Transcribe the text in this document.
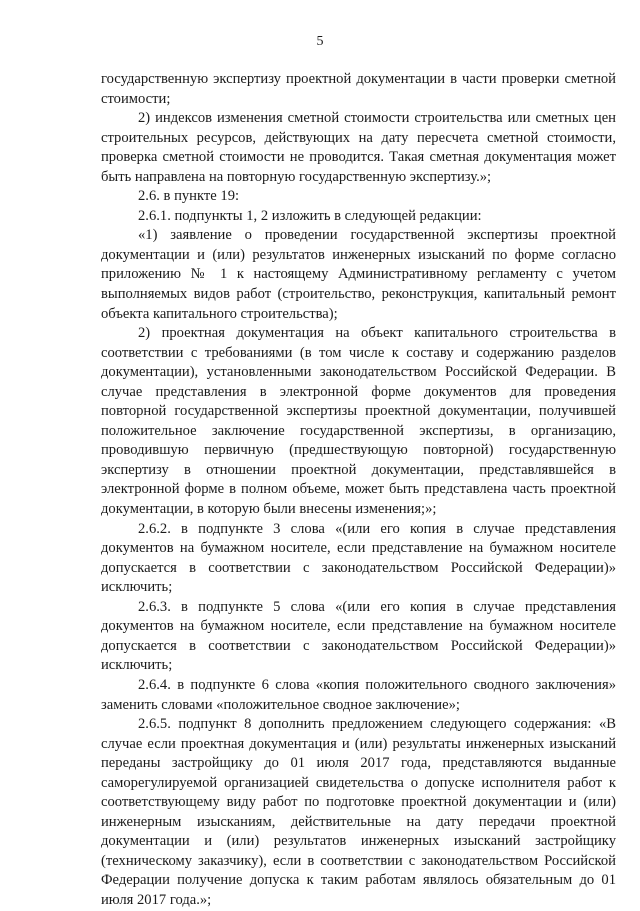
5

государственную экспертизу проектной документации в части проверки сметной стоимости;

2) индексов изменения сметной стоимости строительства или сметных цен строительных ресурсов, действующих на дату пересчета сметной стоимости, проверка сметной стоимости не проводится. Такая сметная документация может быть направлена на повторную государственную экспертизу.»;

2.6. в пункте 19:

2.6.1. подпункты 1, 2 изложить в следующей редакции:

«1) заявление о проведении государственной экспертизы проектной документации и (или) результатов инженерных изысканий по форме согласно приложению № 1 к настоящему Административному регламенту с учетом выполняемых видов работ (строительство, реконструкция, капитальный ремонт объекта капитального строительства);

2) проектная документация на объект капитального строительства в соответствии с требованиями (в том числе к составу и содержанию разделов документации), установленными законодательством Российской Федерации. В случае представления в электронной форме документов для проведения повторной государственной экспертизы проектной документации, получившей положительное заключение государственной экспертизы, в организацию, проводившую первичную (предшествующую повторной) государственную экспертизу в отношении проектной документации, представлявшейся в электронной форме в полном объеме, может быть представлена часть проектной документации, в которую были внесены изменения;»;

2.6.2. в подпункте 3 слова «(или его копия в случае представления документов на бумажном носителе, если представление на бумажном носителе допускается в соответствии с законодательством Российской Федерации)» исключить;

2.6.3. в подпункте 5 слова «(или его копия в случае представления документов на бумажном носителе, если представление на бумажном носителе допускается в соответствии с законодательством Российской Федерации)» исключить;

2.6.4. в подпункте 6 слова «копия положительного сводного заключения» заменить словами «положительное сводное заключение»;

2.6.5. подпункт 8 дополнить предложением следующего содержания: «В случае если проектная документация и (или) результаты инженерных изысканий переданы застройщику до 01 июля 2017 года, представляются выданные саморегулируемой организацией свидетельства о допуске исполнителя работ к соответствующему виду работ по подготовке проектной документации и (или) инженерным изысканиям, действительные на дату передачи проектной документации и (или) результатов инженерных изысканий застройщику (техническому заказчику), если в соответствии с законодательством Российской Федерации получение допуска к таким работам являлось обязательным до 01 июля 2017 года.»;
